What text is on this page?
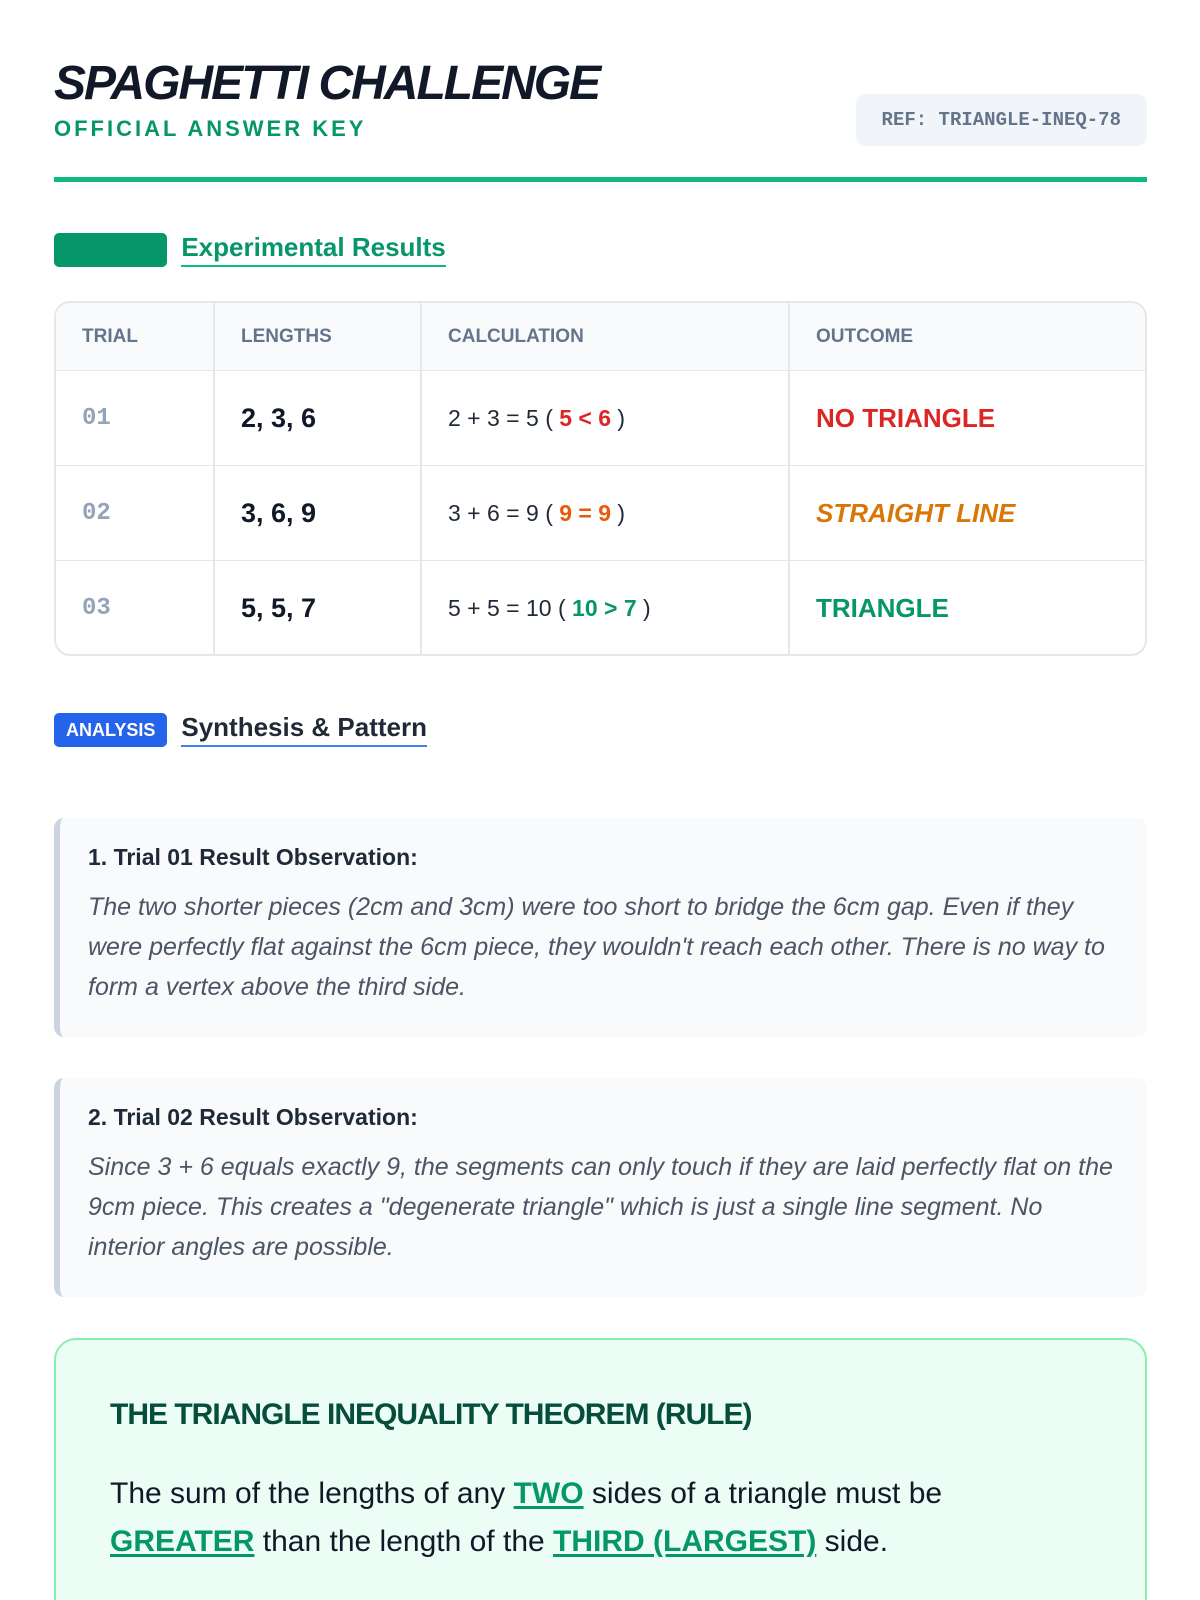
SPAGHETTI CHALLENGE
OFFICIAL ANSWER KEY	REF: TRIANGLE-INEQ-78
LAB DATA	Experimental Results
TRIAL	LENGTHS	CALCULATION	OUTCOME
01	2, 3, 6	2 + 3 = 5 ( 5 < 6 )	NO TRIANGLE
02	3, 6, 9	3 + 6 = 9 ( 9 = 9 )	STRAIGHT LINE
03	5, 5, 7	5 + 5 = 10 ( 10 > 7 )	TRIANGLE
ANALYSIS	Synthesis & Pattern
1. Trial 01 Result Observation:
The two shorter pieces (2cm and 3cm) were too short to bridge the 6cm gap. Even if they were perfectly flat against the 6cm piece, they wouldn't reach each other. There is no way to form a vertex above the third side.
2. Trial 02 Result Observation:
Since 3 + 6 equals exactly 9, the segments can only touch if they are laid perfectly flat on the 9cm piece. This creates a "degenerate triangle" which is just a single line segment. No interior angles are possible.
THE TRIANGLE INEQUALITY THEOREM (RULE)
The sum of the lengths of any TWO sides of a triangle must be GREATER than the length of the THIRD (LARGEST) side.
